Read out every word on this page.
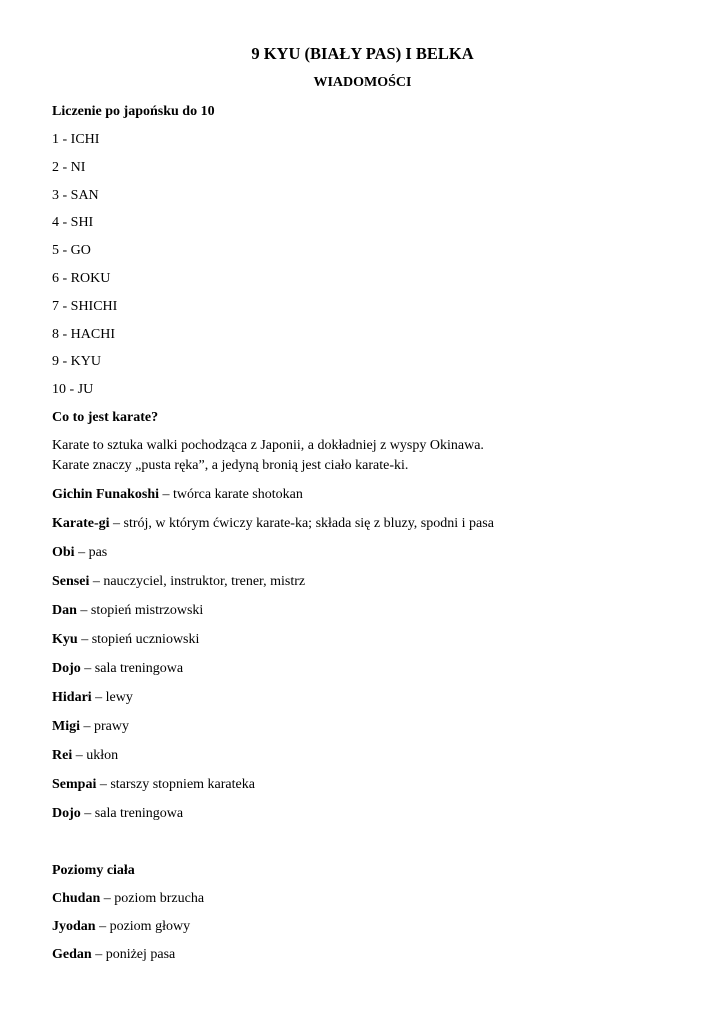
9 KYU (BIAŁY PAS) I BELKA
WIADOMOŚCI
Liczenie po japońsku do 10
1 - ICHI
2 - NI
3 - SAN
4 - SHI
5 - GO
6 - ROKU
7 - SHICHI
8 - HACHI
9 - KYU
10 - JU
Co to jest karate?
Karate to sztuka walki pochodząca z Japonii, a dokładniej z wyspy Okinawa.
Karate znaczy „pusta ręka”, a jedyną bronią jest ciało karate-ki.
Gichin Funakoshi – twórca karate shotokan
Karate-gi – strój, w którym ćwiczy karate-ka; składa się z bluzy, spodni i pasa
Obi – pas
Sensei – nauczyciel, instruktor, trener, mistrz
Dan – stopień mistrzowski
Kyu – stopień uczniowski
Dojo – sala treningowa
Hidari – lewy
Migi – prawy
Rei – ukłon
Sempai – starszy stopniem karateka
Dojo – sala treningowa
Poziomy ciała
Chudan – poziom brzucha
Jyodan – poziom głowy
Gedan – poniżej pasa
